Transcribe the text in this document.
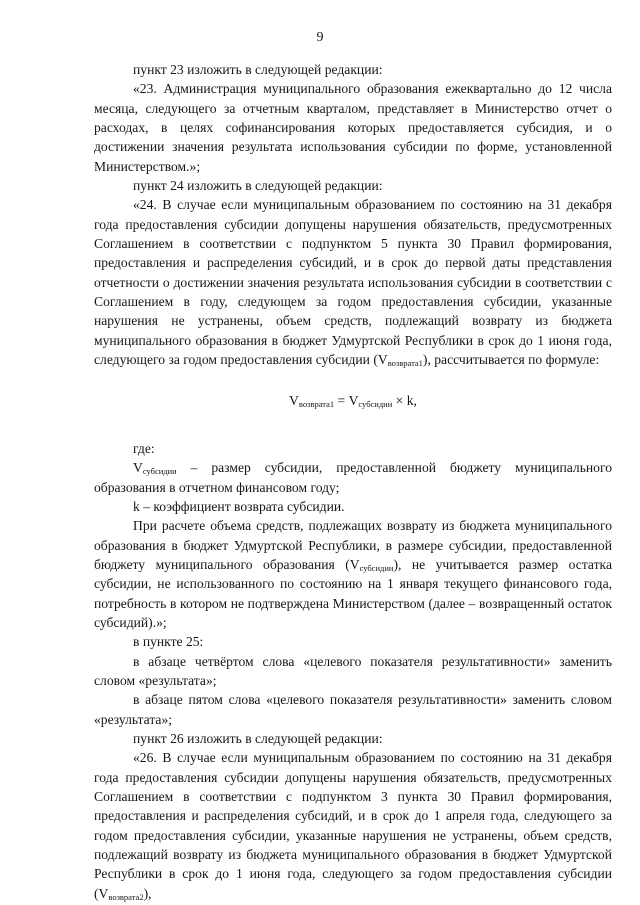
9

пункт 23 изложить в следующей редакции:

«23. Администрация муниципального образования ежеквартально до 12 числа месяца, следующего за отчетным кварталом, представляет в Министерство отчет о расходах, в целях софинансирования которых предоставляется субсидия, и о достижении значения результата использования субсидии по форме, установленной Министерством.»;

пункт 24 изложить в следующей редакции:

«24. В случае если муниципальным образованием по состоянию на 31 декабря года предоставления субсидии допущены нарушения обязательств, предусмотренных Соглашением в соответствии с подпунктом 5 пункта 30 Правил формирования, предоставления и распределения субсидий, и в срок до первой даты представления отчетности о достижении значения результата использования субсидии в соответствии с Соглашением в году, следующем за годом предоставления субсидии, указанные нарушения не устранены, объем средств, подлежащий возврату из бюджета муниципального образования в бюджет Удмуртской Республики в срок до 1 июня года, следующего за годом предоставления субсидии $(V_{возврата1})$, рассчитывается по формуле:

$V_{возврата1} = V_{субсидии} \times k$,

где:

$V_{субсидии}$ – размер субсидии, предоставленной бюджету муниципального образования в отчетном финансовом году;

k – коэффициент возврата субсидии.

При расчете объема средств, подлежащих возврату из бюджета муниципального образования в бюджет Удмуртской Республики, в размере субсидии, предоставленной бюджету муниципального образования $(V_{субсидии})$, не учитывается размер остатка субсидии, не использованного по состоянию на 1 января текущего финансового года, потребность в котором не подтверждена Министерством (далее – возвращенный остаток субсидий).»;

в пункте 25:

в абзаце четвёртом слова «целевого показателя результативности» заменить словом «результата»;

в абзаце пятом слова «целевого показателя результативности» заменить словом «результата»;

пункт 26 изложить в следующей редакции:

«26. В случае если муниципальным образованием по состоянию на 31 декабря года предоставления субсидии допущены нарушения обязательств, предусмотренных Соглашением в соответствии с подпунктом 3 пункта 30 Правил формирования, предоставления и распределения субсидий, и в срок до 1 апреля года, следующего за годом предоставления субсидии, указанные нарушения не устранены, объем средств, подлежащий возврату из бюджета муниципального образования в бюджет Удмуртской Республики в срок до 1 июня года, следующего за годом предоставления субсидии $(V_{возврата2})$,
